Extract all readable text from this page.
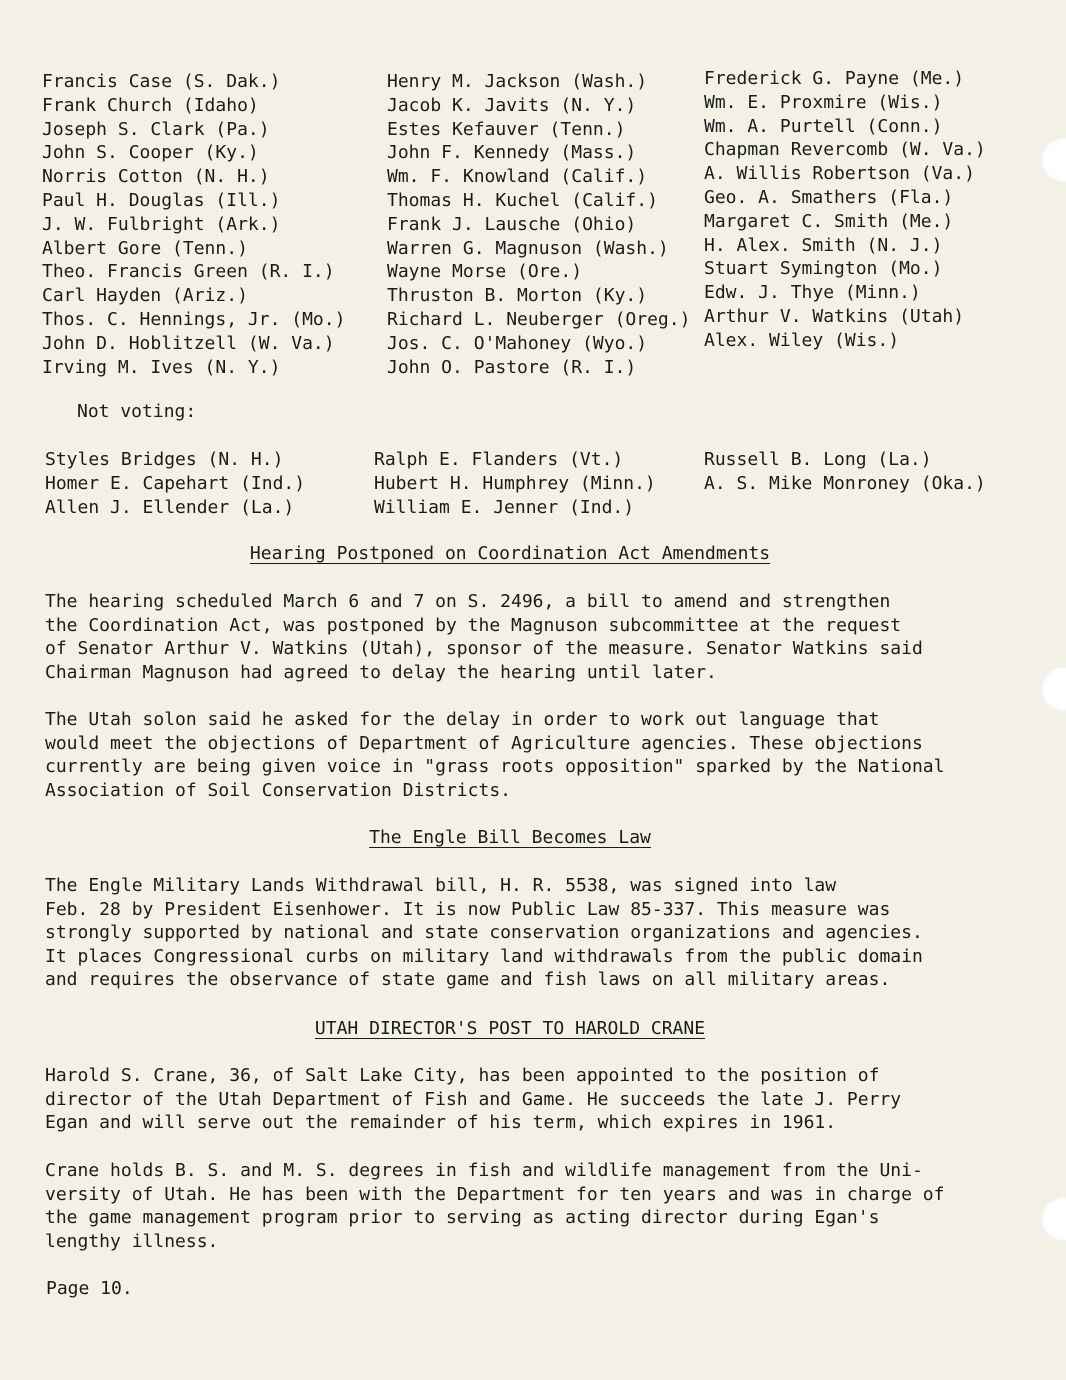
Francis Case (S. Dak.)
Frank Church (Idaho)
Joseph S. Clark (Pa.)
John S. Cooper (Ky.)
Norris Cotton (N. H.)
Paul H. Douglas (Ill.)
J. W. Fulbright (Ark.)
Albert Gore (Tenn.)
Theo. Francis Green (R. I.)
Carl Hayden (Ariz.)
Thos. C. Hennings, Jr. (Mo.)
John D. Hoblitzell (W. Va.)
Irving M. Ives (N. Y.)
Henry M. Jackson (Wash.)
Jacob K. Javits (N. Y.)
Estes Kefauver (Tenn.)
John F. Kennedy (Mass.)
Wm. F. Knowland (Calif.)
Thomas H. Kuchel (Calif.)
Frank J. Lausche (Ohio)
Warren G. Magnuson (Wash.)
Wayne Morse (Ore.)
Thruston B. Morton (Ky.)
Richard L. Neuberger (Oreg.)
Jos. C. O'Mahoney (Wyo.)
John O. Pastore (R. I.)
Frederick G. Payne (Me.)
Wm. E. Proxmire (Wis.)
Wm. A. Purtell (Conn.)
Chapman Revercomb (W. Va.)
A. Willis Robertson (Va.)
Geo. A. Smathers (Fla.)
Margaret C. Smith (Me.)
H. Alex. Smith (N. J.)
Stuart Symington (Mo.)
Edw. J. Thye (Minn.)
Arthur V. Watkins (Utah)
Alex. Wiley (Wis.)
Not voting:
Styles Bridges (N. H.)
Homer E. Capehart (Ind.)
Allen J. Ellender (La.)
Ralph E. Flanders (Vt.)
Hubert H. Humphrey (Minn.)
William E. Jenner (Ind.)
Russell B. Long (La.)
A. S. Mike Monroney (Oka.)
Hearing Postponed on Coordination Act Amendments
The hearing scheduled March 6 and 7 on S. 2496, a bill to amend and strengthen
the Coordination Act, was postponed by the Magnuson subcommittee at the request
of Senator Arthur V. Watkins (Utah), sponsor of the measure. Senator Watkins said
Chairman Magnuson had agreed to delay the hearing until later.
The Utah solon said he asked for the delay in order to work out language that
would meet the objections of Department of Agriculture agencies. These objections
currently are being given voice in "grass roots opposition" sparked by the National
Association of Soil Conservation Districts.
The Engle Bill Becomes Law
The Engle Military Lands Withdrawal bill, H. R. 5538, was signed into law
Feb. 28 by President Eisenhower. It is now Public Law 85-337. This measure was
strongly supported by national and state conservation organizations and agencies.
It places Congressional curbs on military land withdrawals from the public domain
and requires the observance of state game and fish laws on all military areas.
UTAH DIRECTOR'S POST TO HAROLD CRANE
Harold S. Crane, 36, of Salt Lake City, has been appointed to the position of
director of the Utah Department of Fish and Game. He succeeds the late J. Perry
Egan and will serve out the remainder of his term, which expires in 1961.
Crane holds B. S. and M. S. degrees in fish and wildlife management from the Uni-
versity of Utah. He has been with the Department for ten years and was in charge of
the game management program prior to serving as acting director during Egan's
lengthy illness.
Page 10.
